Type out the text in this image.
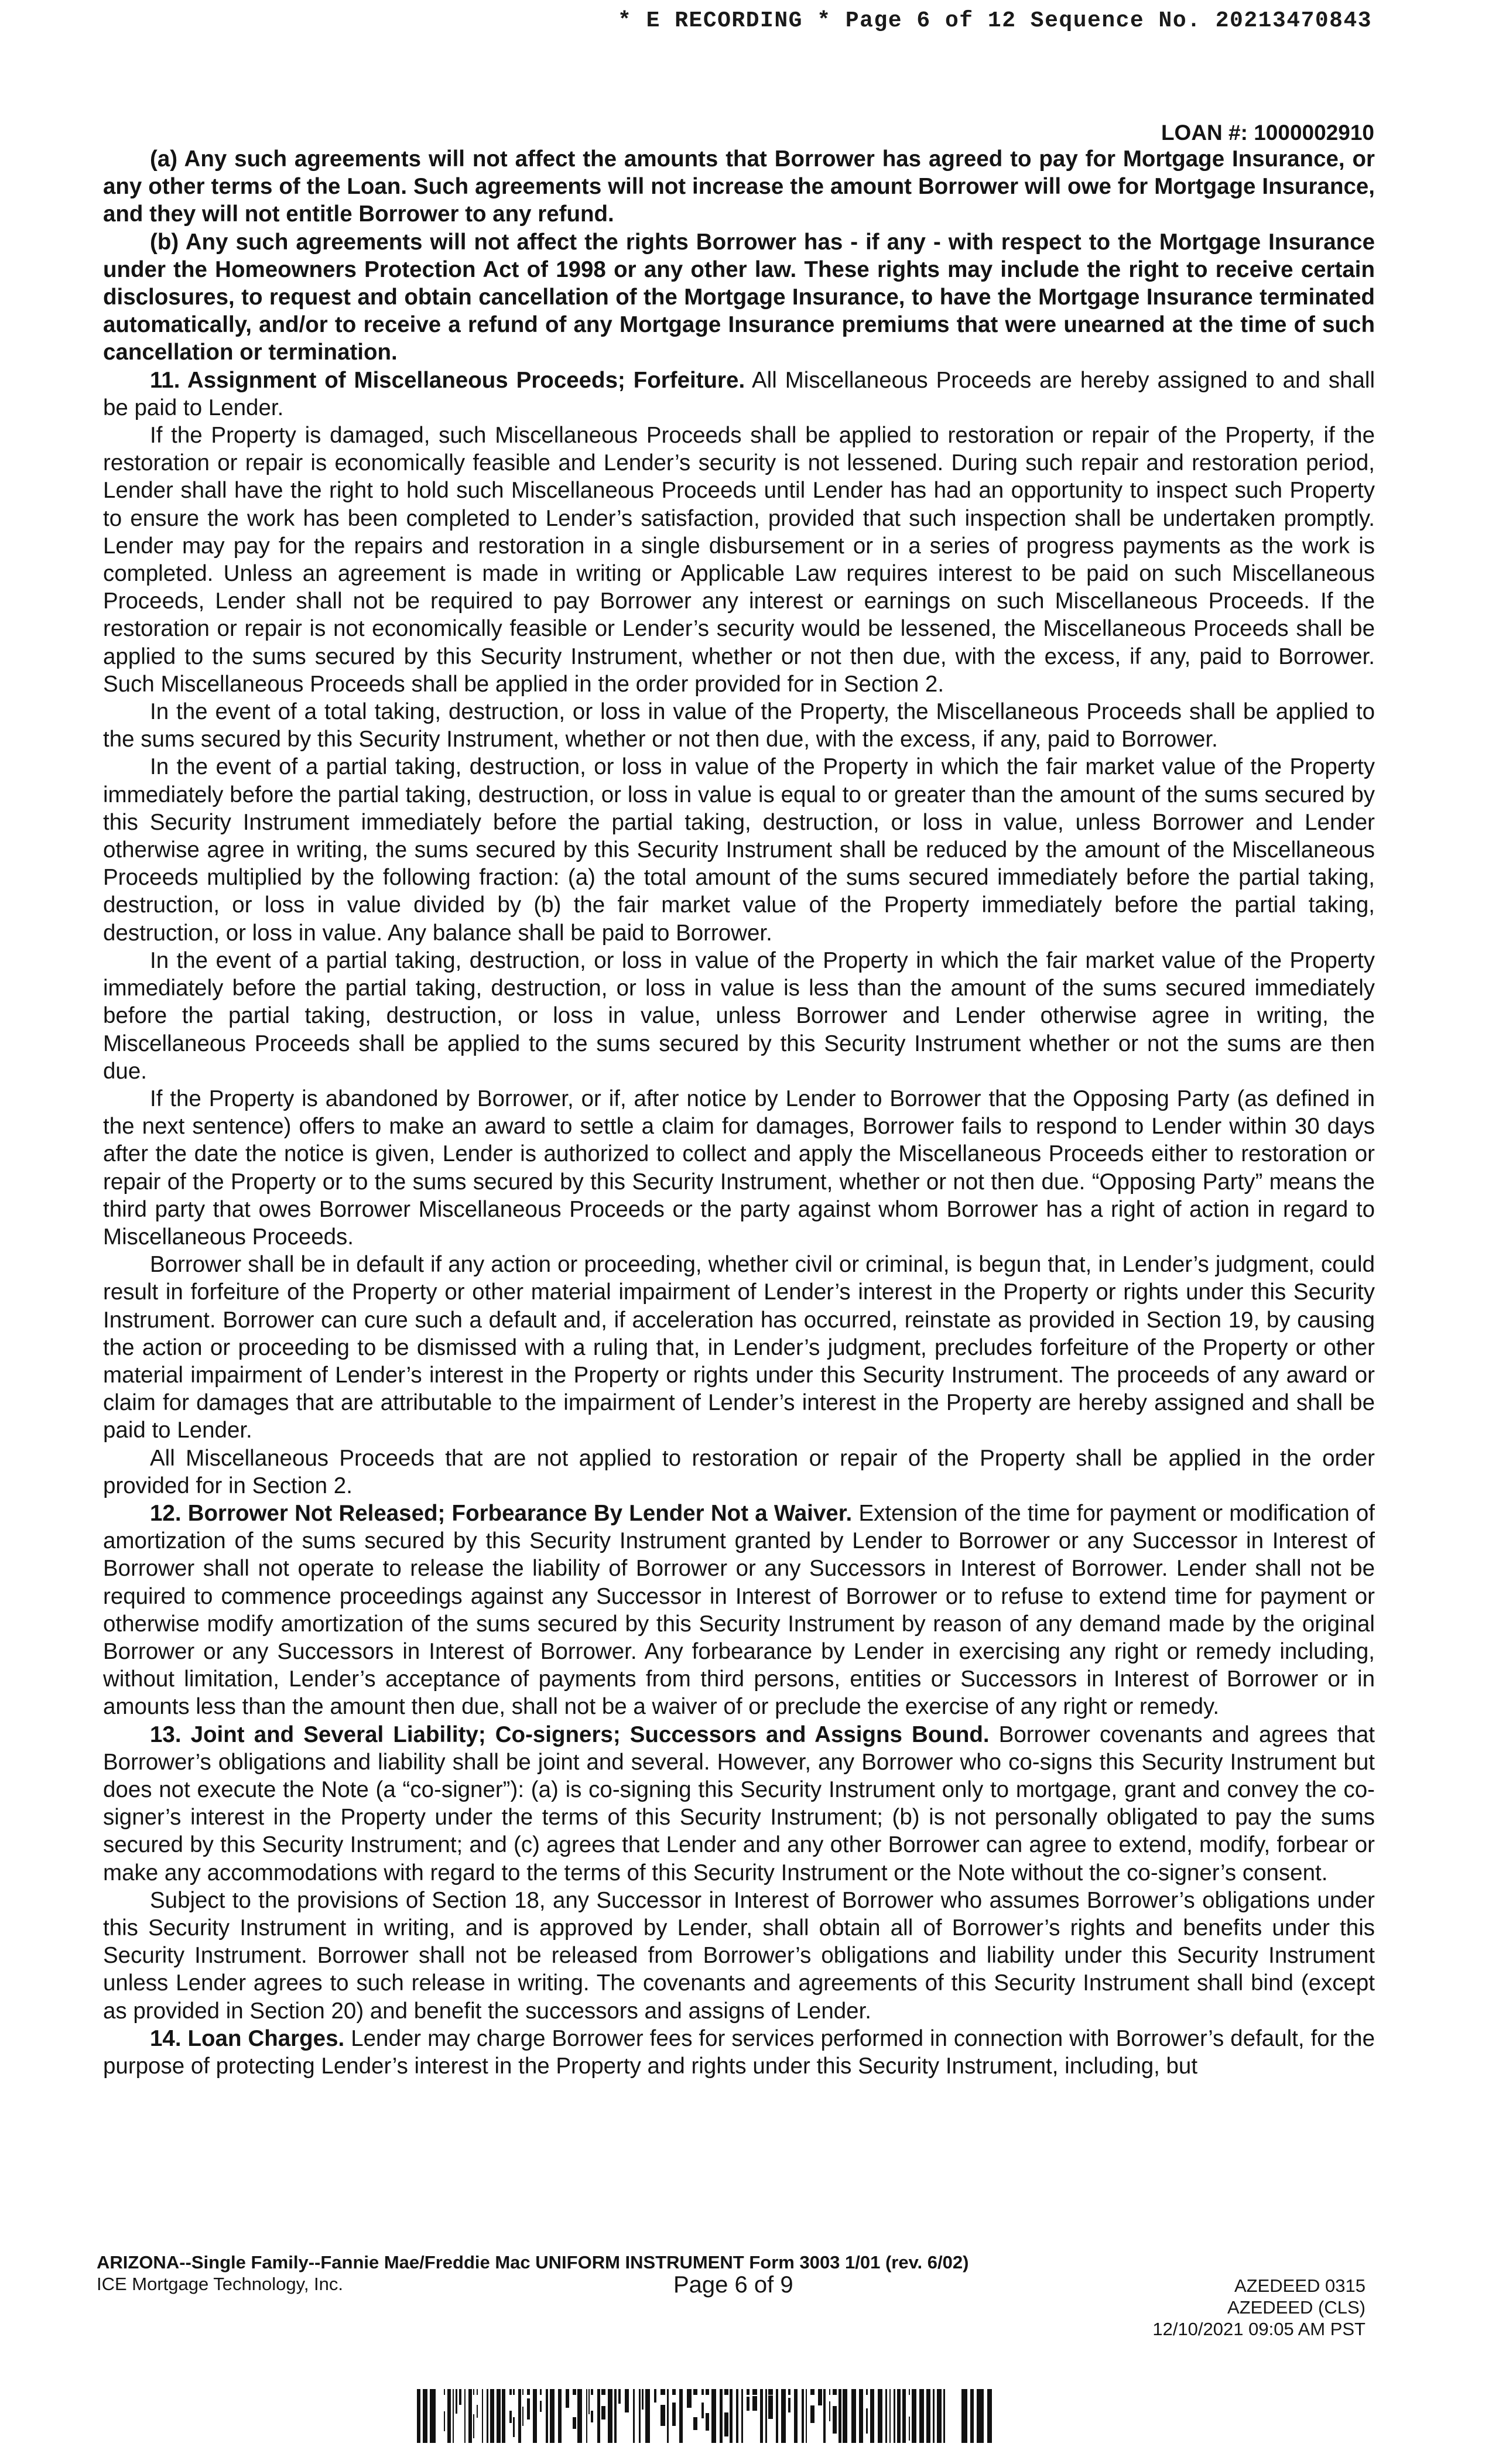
* E RECORDING * Page 6 of 12 Sequence No. 20213470843
LOAN #: 1000002910

(a) Any such agreements will not affect the amounts that Borrower has agreed to pay for Mortgage Insurance, or any other terms of the Loan. Such agreements will not increase the amount Borrower will owe for Mortgage Insurance, and they will not entitle Borrower to any refund.

(b) Any such agreements will not affect the rights Borrower has - if any - with respect to the Mortgage Insurance under the Homeowners Protection Act of 1998 or any other law. These rights may include the right to receive certain disclosures, to request and obtain cancellation of the Mortgage Insurance, to have the Mortgage Insurance terminated automatically, and/or to receive a refund of any Mortgage Insurance premiums that were unearned at the time of such cancellation or termination.

11. Assignment of Miscellaneous Proceeds; Forfeiture. All Miscellaneous Proceeds are hereby assigned to and shall be paid to Lender.

If the Property is damaged, such Miscellaneous Proceeds shall be applied to restoration or repair of the Property, if the restoration or repair is economically feasible and Lender’s security is not lessened. During such repair and restoration period, Lender shall have the right to hold such Miscellaneous Proceeds until Lender has had an opportunity to inspect such Property to ensure the work has been completed to Lender’s satisfaction, provided that such inspection shall be undertaken promptly. Lender may pay for the repairs and restoration in a single disbursement or in a series of progress payments as the work is completed. Unless an agreement is made in writing or Applicable Law requires interest to be paid on such Miscellaneous Proceeds, Lender shall not be required to pay Borrower any interest or earnings on such Miscellaneous Proceeds. If the restoration or repair is not economically feasible or Lender’s security would be lessened, the Miscellaneous Proceeds shall be applied to the sums secured by this Security Instrument, whether or not then due, with the excess, if any, paid to Borrower. Such Miscellaneous Proceeds shall be applied in the order provided for in Section 2.

In the event of a total taking, destruction, or loss in value of the Property, the Miscellaneous Proceeds shall be applied to the sums secured by this Security Instrument, whether or not then due, with the excess, if any, paid to Borrower.

In the event of a partial taking, destruction, or loss in value of the Property in which the fair market value of the Property immediately before the partial taking, destruction, or loss in value is equal to or greater than the amount of the sums secured by this Security Instrument immediately before the partial taking, destruction, or loss in value, unless Borrower and Lender otherwise agree in writing, the sums secured by this Security Instrument shall be reduced by the amount of the Miscellaneous Proceeds multiplied by the following fraction: (a) the total amount of the sums secured immediately before the partial taking, destruction, or loss in value divided by (b) the fair market value of the Property immediately before the partial taking, destruction, or loss in value. Any balance shall be paid to Borrower.

In the event of a partial taking, destruction, or loss in value of the Property in which the fair market value of the Property immediately before the partial taking, destruction, or loss in value is less than the amount of the sums secured immediately before the partial taking, destruction, or loss in value, unless Borrower and Lender otherwise agree in writing, the Miscellaneous Proceeds shall be applied to the sums secured by this Security Instrument whether or not the sums are then due.

If the Property is abandoned by Borrower, or if, after notice by Lender to Borrower that the Opposing Party (as defined in the next sentence) offers to make an award to settle a claim for damages, Borrower fails to respond to Lender within 30 days after the date the notice is given, Lender is authorized to collect and apply the Miscellaneous Proceeds either to restoration or repair of the Property or to the sums secured by this Security Instrument, whether or not then due. “Opposing Party” means the third party that owes Borrower Miscellaneous Proceeds or the party against whom Borrower has a right of action in regard to Miscellaneous Proceeds.

Borrower shall be in default if any action or proceeding, whether civil or criminal, is begun that, in Lender’s judgment, could result in forfeiture of the Property or other material impairment of Lender’s interest in the Property or rights under this Security Instrument. Borrower can cure such a default and, if acceleration has occurred, reinstate as provided in Section 19, by causing the action or proceeding to be dismissed with a ruling that, in Lender’s judgment, precludes forfeiture of the Property or other material impairment of Lender’s interest in the Property or rights under this Security Instrument. The proceeds of any award or claim for damages that are attributable to the impairment of Lender’s interest in the Property are hereby assigned and shall be paid to Lender.

All Miscellaneous Proceeds that are not applied to restoration or repair of the Property shall be applied in the order provided for in Section 2.

12. Borrower Not Released; Forbearance By Lender Not a Waiver. Extension of the time for payment or modification of amortization of the sums secured by this Security Instrument granted by Lender to Borrower or any Successor in Interest of Borrower shall not operate to release the liability of Borrower or any Successors in Interest of Borrower. Lender shall not be required to commence proceedings against any Successor in Interest of Borrower or to refuse to extend time for payment or otherwise modify amortization of the sums secured by this Security Instrument by reason of any demand made by the original Borrower or any Successors in Interest of Borrower. Any forbearance by Lender in exercising any right or remedy including, without limitation, Lender’s acceptance of payments from third persons, entities or Successors in Interest of Borrower or in amounts less than the amount then due, shall not be a waiver of or preclude the exercise of any right or remedy.

13. Joint and Several Liability; Co-signers; Successors and Assigns Bound. Borrower covenants and agrees that Borrower’s obligations and liability shall be joint and several. However, any Borrower who co-signs this Security Instrument but does not execute the Note (a “co-signer”): (a) is co-signing this Security Instrument only to mortgage, grant and convey the co-signer’s interest in the Property under the terms of this Security Instrument; (b) is not personally obligated to pay the sums secured by this Security Instrument; and (c) agrees that Lender and any other Borrower can agree to extend, modify, forbear or make any accommodations with regard to the terms of this Security Instrument or the Note without the co-signer’s consent.

Subject to the provisions of Section 18, any Successor in Interest of Borrower who assumes Borrower’s obligations under this Security Instrument in writing, and is approved by Lender, shall obtain all of Borrower’s rights and benefits under this Security Instrument. Borrower shall not be released from Borrower’s obligations and liability under this Security Instrument unless Lender agrees to such release in writing. The covenants and agreements of this Security Instrument shall bind (except as provided in Section 20) and benefit the successors and assigns of Lender.

14. Loan Charges. Lender may charge Borrower fees for services performed in connection with Borrower’s default, for the purpose of protecting Lender’s interest in the Property and rights under this Security Instrument, including, but

ARIZONA--Single Family--Fannie Mae/Freddie Mac UNIFORM INSTRUMENT Form 3003 1/01 (rev. 6/02)
ICE Mortgage Technology, Inc.	Page 6 of 9	AZEDEED 0315
AZEDEED (CLS)
12/10/2021 09:05 AM PST
